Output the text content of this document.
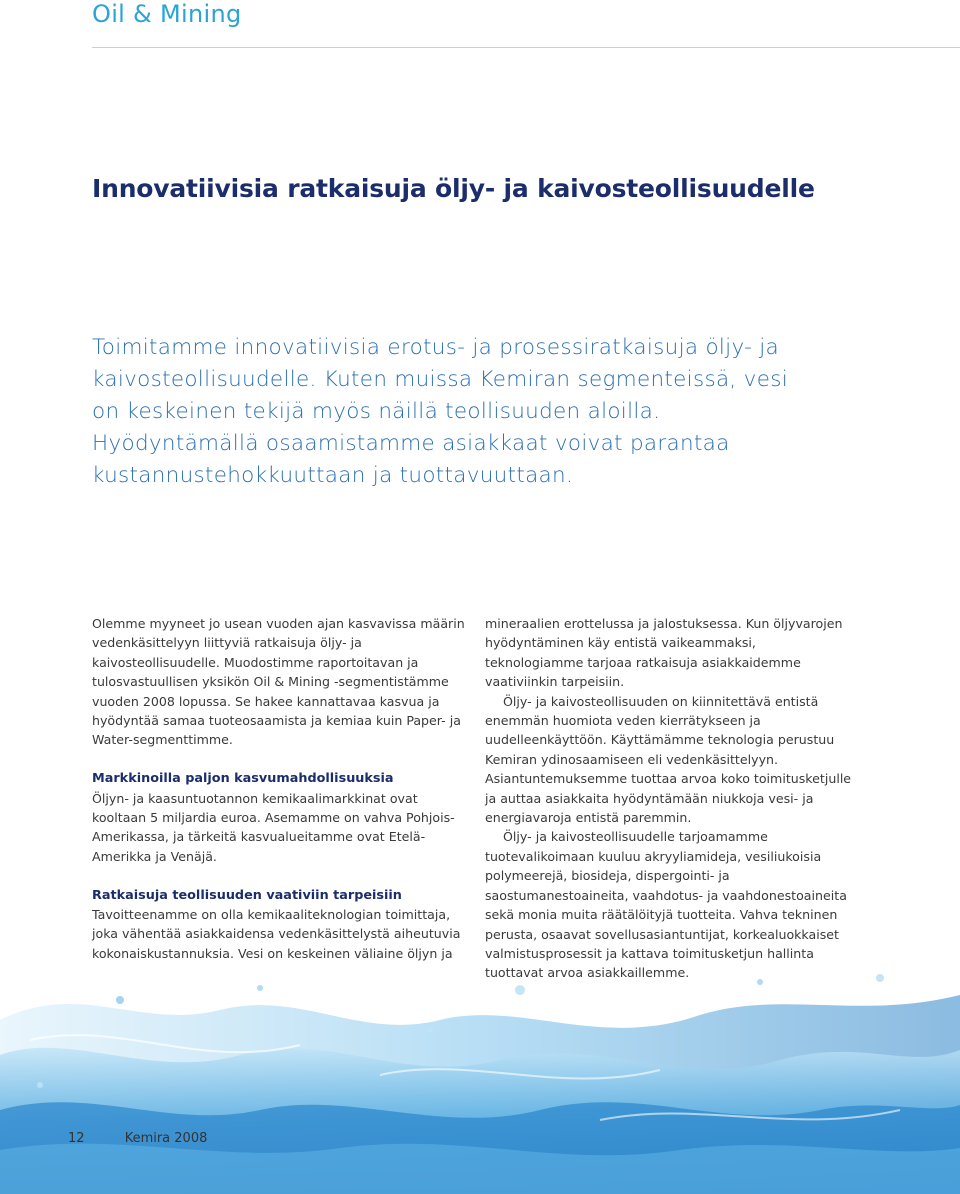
Oil & Mining
Innovatiivisia ratkaisuja öljy- ja kaivosteollisuudelle

Toimitamme innovatiivisia erotus- ja prosessiratkaisuja öljy- ja kaivosteollisuudelle. Kuten muissa Kemiran segmenteissä, vesi on keskeinen tekijä myös näillä teollisuuden aloilla. Hyödyntämällä osaamistamme asiakkaat voivat parantaa kustannustehokkuuttaan ja tuottavuuttaan.

Olemme myyneet jo usean vuoden ajan kasvavissa määrin vedenkäsittelyyn liittyviä ratkaisuja öljy- ja kaivosteollisuudelle. Muodostimme raportoitavan ja tulosvastuullisen yksikön Oil & Mining -segmentistämme vuoden 2008 lopussa. Se hakee kannattavaa kasvua ja hyödyntää samaa tuoteosaamista ja kemiaa kuin Paper- ja Water-segmenttimme.

Markkinoilla paljon kasvumahdollisuuksia

Öljyn- ja kaasuntuotannon kemikaalimarkkinat ovat kooltaan 5 miljardia euroa. Asemamme on vahva Pohjois-Amerikassa, ja tärkeitä kasvualueitamme ovat Etelä-Amerikka ja Venäjä.

Ratkaisuja teollisuuden vaativiin tarpeisiin

Tavoitteenamme on olla kemikaaliteknologian toimittaja, joka vähentää asiakkaidensa vedenkäsittelystä aiheutuvia kokonaiskustannuksia. Vesi on keskeinen väliaine öljyn ja

mineraalien erottelussa ja jalostuksessa. Kun öljyvarojen hyödyntäminen käy entistä vaikeammaksi, teknologiamme tarjoaa ratkaisuja asiakkaidemme vaativiinkin tarpeisiin.

Öljy- ja kaivosteollisuuden on kiinnitettävä entistä enemmän huomiota veden kierrätykseen ja uudelleenkäyttöön. Käyttämämme teknologia perustuu Kemiran ydinosaamiseen eli vedenkäsittelyyn. Asiantuntemuksemme tuottaa arvoa koko toimitusketjulle ja auttaa asiakkaita hyödyntämään niukkoja vesi- ja energiavaroja entistä paremmin.

Öljy- ja kaivosteollisuudelle tarjoamamme tuotevalikoimaan kuuluu akryyliamideja, vesiliukoisia polymeerejä, biosideja, dispergointi- ja saostumanestoaineita, vaahdotus- ja vaahdonestoaineita sekä monia muita räätälöityjä tuotteita. Vahva tekninen perusta, osaavat sovellusasiantuntijat, korkealuokkaiset valmistusprosessit ja kattava toimitusketjun hallinta tuottavat arvoa asiakkaillemme.

12	Kemira 2008
